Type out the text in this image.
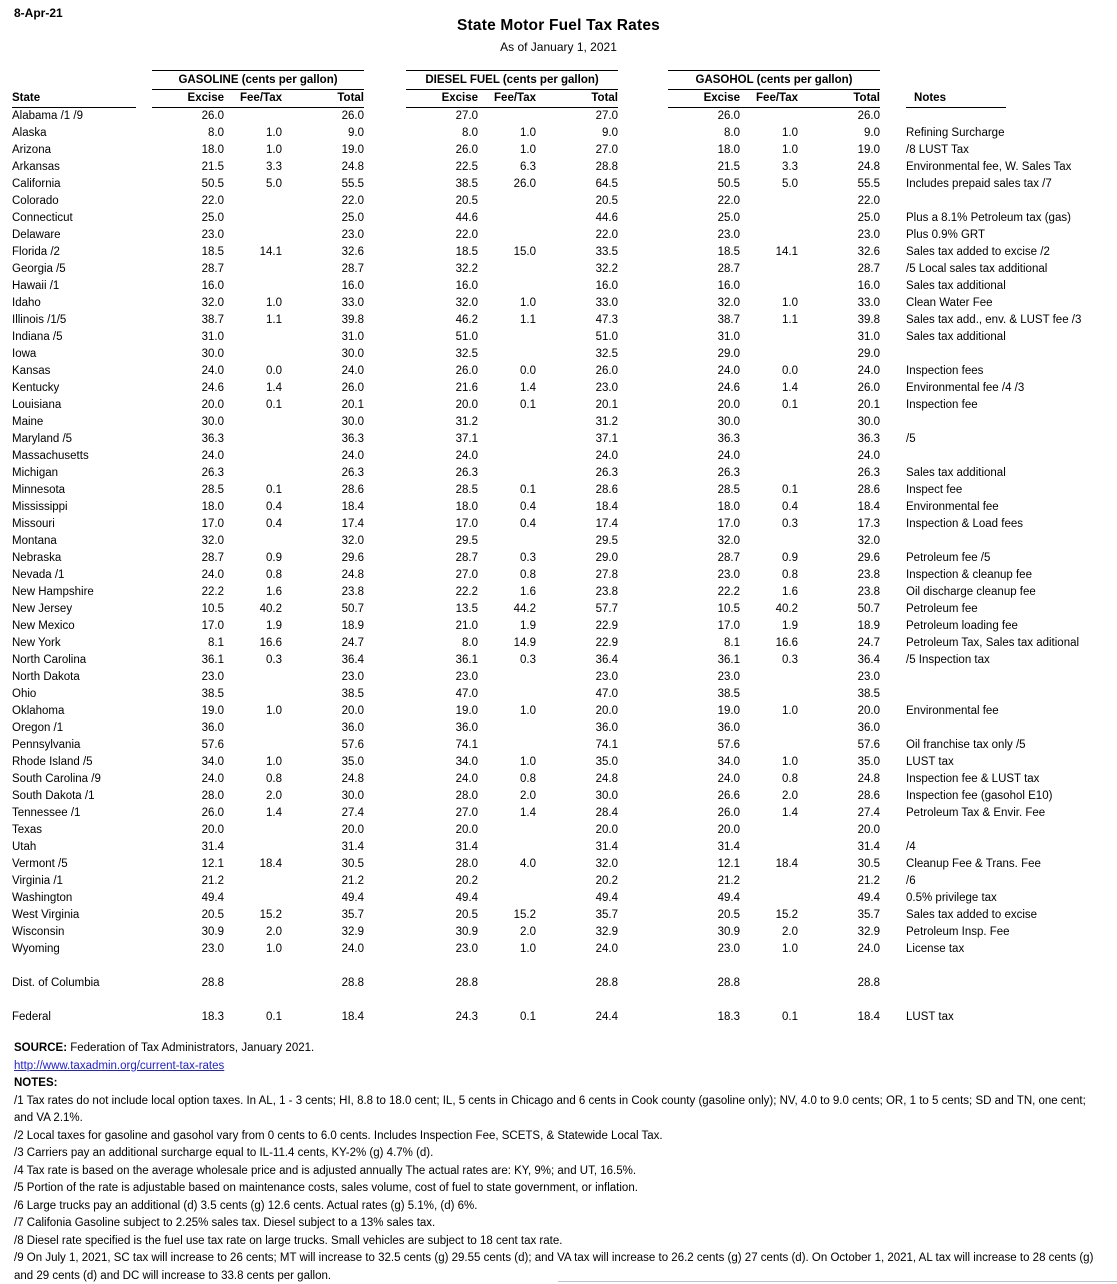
8-Apr-21
State Motor Fuel Tax Rates
As of January 1, 2021
	GASOLINE (cents per gallon)				DIESEL FUEL (cents per gallon)				GASOHOL (cents per gallon)				
State	Excise	Fee/Tax	Total		Excise	Fee/Tax	Total		Excise	Fee/Tax	Total		Notes
Alabama /1 /9	26.0		26.0		27.0		27.0		26.0		26.0		
Alaska	8.0	1.0	9.0		8.0	1.0	9.0		8.0	1.0	9.0		Refining Surcharge
Arizona	18.0	1.0	19.0		26.0	1.0	27.0		18.0	1.0	19.0		/8 LUST Tax
Arkansas	21.5	3.3	24.8		22.5	6.3	28.8		21.5	3.3	24.8		Environmental fee, W. Sales Tax
California	50.5	5.0	55.5		38.5	26.0	64.5		50.5	5.0	55.5		Includes prepaid sales tax /7
Colorado	22.0		22.0		20.5		20.5		22.0		22.0		
Connecticut	25.0		25.0		44.6		44.6		25.0		25.0		Plus a 8.1% Petroleum tax (gas)
Delaware	23.0		23.0		22.0		22.0		23.0		23.0		Plus 0.9% GRT
Florida /2	18.5	14.1	32.6		18.5	15.0	33.5		18.5	14.1	32.6		Sales tax added to excise /2
Georgia /5	28.7		28.7		32.2		32.2		28.7		28.7		/5 Local sales tax additional
Hawaii /1	16.0		16.0		16.0		16.0		16.0		16.0		Sales tax additional
Idaho	32.0	1.0	33.0		32.0	1.0	33.0		32.0	1.0	33.0		Clean Water Fee
Illinois /1/5	38.7	1.1	39.8		46.2	1.1	47.3		38.7	1.1	39.8		Sales tax add., env. & LUST fee /3
Indiana /5	31.0		31.0		51.0		51.0		31.0		31.0		Sales tax additional
Iowa	30.0		30.0		32.5		32.5		29.0		29.0		
Kansas	24.0	0.0	24.0		26.0	0.0	26.0		24.0	0.0	24.0		Inspection fees
Kentucky	24.6	1.4	26.0		21.6	1.4	23.0		24.6	1.4	26.0		Environmental fee /4 /3
Louisiana	20.0	0.1	20.1		20.0	0.1	20.1		20.0	0.1	20.1		Inspection fee
Maine	30.0		30.0		31.2		31.2		30.0		30.0		
Maryland /5	36.3		36.3		37.1		37.1		36.3		36.3		/5
Massachusetts	24.0		24.0		24.0		24.0		24.0		24.0		
Michigan	26.3		26.3		26.3		26.3		26.3		26.3		Sales tax additional
Minnesota	28.5	0.1	28.6		28.5	0.1	28.6		28.5	0.1	28.6		Inspect fee
Mississippi	18.0	0.4	18.4		18.0	0.4	18.4		18.0	0.4	18.4		Environmental fee
Missouri	17.0	0.4	17.4		17.0	0.4	17.4		17.0	0.3	17.3		Inspection & Load fees
Montana	32.0		32.0		29.5		29.5		32.0		32.0		
Nebraska	28.7	0.9	29.6		28.7	0.3	29.0		28.7	0.9	29.6		Petroleum fee /5
Nevada /1	24.0	0.8	24.8		27.0	0.8	27.8		23.0	0.8	23.8		Inspection & cleanup fee
New Hampshire	22.2	1.6	23.8		22.2	1.6	23.8		22.2	1.6	23.8		Oil discharge cleanup fee
New Jersey	10.5	40.2	50.7		13.5	44.2	57.7		10.5	40.2	50.7		Petroleum fee
New Mexico	17.0	1.9	18.9		21.0	1.9	22.9		17.0	1.9	18.9		Petroleum loading fee
New York	8.1	16.6	24.7		8.0	14.9	22.9		8.1	16.6	24.7		Petroleum Tax, Sales tax aditional
North Carolina	36.1	0.3	36.4		36.1	0.3	36.4		36.1	0.3	36.4		/5 Inspection tax
North Dakota	23.0		23.0		23.0		23.0		23.0		23.0		
Ohio	38.5		38.5		47.0		47.0		38.5		38.5		
Oklahoma	19.0	1.0	20.0		19.0	1.0	20.0		19.0	1.0	20.0		Environmental fee
Oregon /1	36.0		36.0		36.0		36.0		36.0		36.0		
Pennsylvania	57.6		57.6		74.1		74.1		57.6		57.6		Oil franchise tax only /5
Rhode Island /5	34.0	1.0	35.0		34.0	1.0	35.0		34.0	1.0	35.0		LUST tax
South Carolina /9	24.0	0.8	24.8		24.0	0.8	24.8		24.0	0.8	24.8		Inspection fee & LUST tax
South Dakota /1	28.0	2.0	30.0		28.0	2.0	30.0		26.6	2.0	28.6		Inspection fee (gasohol E10)
Tennessee /1	26.0	1.4	27.4		27.0	1.4	28.4		26.0	1.4	27.4		Petroleum Tax & Envir. Fee
Texas	20.0		20.0		20.0		20.0		20.0		20.0		
Utah	31.4		31.4		31.4		31.4		31.4		31.4		/4
Vermont /5	12.1	18.4	30.5		28.0	4.0	32.0		12.1	18.4	30.5		Cleanup Fee & Trans. Fee
Virginia /1	21.2		21.2		20.2		20.2		21.2		21.2		/6
Washington	49.4		49.4		49.4		49.4		49.4		49.4		0.5% privilege tax
West Virginia	20.5	15.2	35.7		20.5	15.2	35.7		20.5	15.2	35.7		Sales tax added to excise
Wisconsin	30.9	2.0	32.9		30.9	2.0	32.9		30.9	2.0	32.9		Petroleum Insp. Fee
Wyoming	23.0	1.0	24.0		23.0	1.0	24.0		23.0	1.0	24.0		License tax

Dist. of Columbia	28.8		28.8		28.8		28.8		28.8		28.8		

Federal	18.3	0.1	18.4		24.3	0.1	24.4		18.3	0.1	18.4		LUST tax
SOURCE: Federation of Tax Administrators, January 2021.
http://www.taxadmin.org/current-tax-rates
NOTES:
/1 Tax rates do not include local option taxes. In AL, 1 - 3 cents; HI, 8.8 to 18.0 cent; IL, 5 cents in Chicago and 6 cents in Cook county (gasoline only); NV, 4.0 to 9.0 cents; OR, 1 to 5 cents; SD and TN, one cent; and VA 2.1%.
/2 Local taxes for gasoline and gasohol vary from 0 cents to 6.0 cents. Includes Inspection Fee, SCETS, & Statewide Local Tax.
/3 Carriers pay an additional surcharge equal to IL-11.4 cents, KY-2% (g) 4.7% (d).
/4 Tax rate is based on the average wholesale price and is adjusted annually The actual rates are: KY, 9%; and UT, 16.5%.
/5 Portion of the rate is adjustable based on maintenance costs, sales volume, cost of fuel to state government, or inflation.
/6 Large trucks pay an additional (d) 3.5 cents (g) 12.6 cents. Actual rates (g) 5.1%, (d) 6%.
/7 Califonia Gasoline subject to 2.25% sales tax. Diesel subject to a 13% sales tax.
/8 Diesel rate specified is the fuel use tax rate on large trucks. Small vehicles are subject to 18 cent tax rate.
/9 On July 1, 2021, SC tax will increase to 26 cents; MT will increase to 32.5 cents (g) 29.55 cents (d); and VA tax will increase to 26.2 cents (g) 27 cents (d). On October 1, 2021, AL tax will increase to 28 cents (g) and 29 cents (d) and DC will increase to 33.8 cents per gallon.
